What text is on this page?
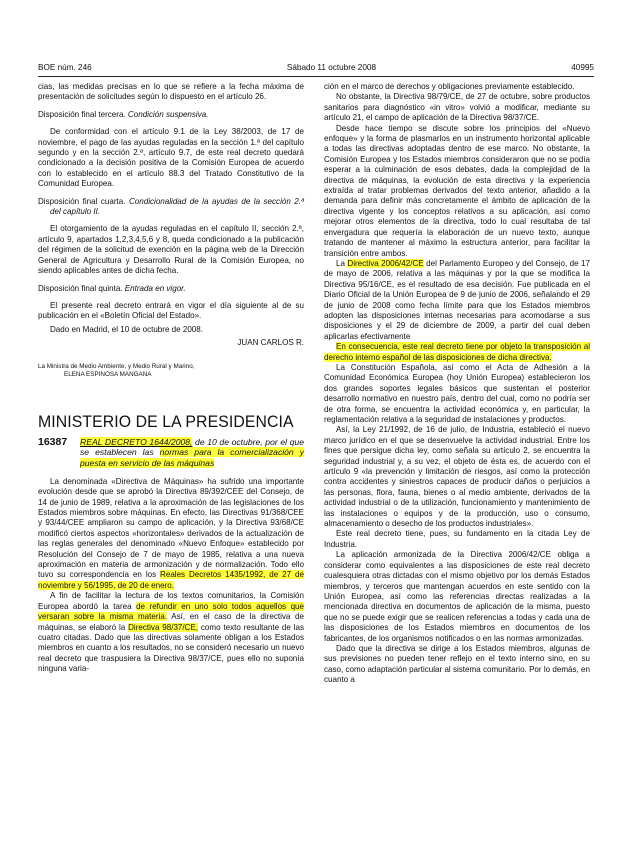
BOE núm. 246	Sábado 11 octubre 2008	40995

cias, las medidas precisas en lo que se refiere a la fecha máxima de presentación de solicitudes según lo dispuesto en el artículo 26.

Disposición final tercera. Condición suspensiva.

De conformidad con el artículo 9.1 de la Ley 38/2003, de 17 de noviembre, el pago de las ayudas reguladas en la sección 1.ª del capítulo segundo y en la sección 2.ª, artículo 9.7, de este real decreto quedará condicionado a la decisión positiva de la Comisión Europea de acuerdo con lo establecido en el artículo 88.3 del Tratado Constitutivo de la Comunidad Europea.

Disposición final cuarta. Condicionalidad de la ayudas de la sección 2.ª del capítulo II.

El otorgamiento de la ayudas reguladas en el capítulo II, sección 2.ª, artículo 9, apartados 1,2,3,4,5,6 y 8, queda condicionado a la publicación del régimen de la solicitud de exención en la página web de la Dirección General de Agricultura y Desarrollo Rural de la Comisión Europea, no siendo aplicables antes de dicha fecha.

Disposición final quinta. Entrada en vigor.

El presente real decreto entrará en vigor el día siguiente al de su publicación en el «Boletín Oficial del Estado».

Dado en Madrid, el 10 de octubre de 2008.

JUAN CARLOS R.

La Ministra de Medio Ambiente, y Medio Rural y Marino,
ELENA ESPINOSA MANGANA
MINISTERIO DE LA PRESIDENCIA
16387	REAL DECRETO 1644/2008, de 10 de octubre, por el que se establecen las normas para la comercialización y puesta en servicio de las máquinas

La denominada «Directiva de Máquinas» ha sufrido una importante evolución desde que se aprobó la Directiva 89/392/CEE del Consejo, de 14 de junio de 1989, relativa a la aproximación de las legislaciones de los Estados miembros sobre máquinas. En efecto, las Directivas 91/368/CEE y 93/44/CEE ampliaron su campo de aplicación, y la Directiva 93/68/CE modificó ciertos aspectos «horizontales» derivados de la actualización de las reglas generales del denominado «Nuevo Enfoque» establecido por Resolución del Consejo de 7 de mayo de 1985, relativa a una nueva aproximación en materia de armonización y de normalización. Todo ello tuvo su correspondencia en los Reales Decretos 1435/1992, de 27 de noviembre y 56/1995, de 20 de enero.

A fin de facilitar la lectura de los textos comunitarios, la Comisión Europea abordó la tarea de refundir en uno solo todos aquellos que versaran sobre la misma materia. Así, en el caso de la directiva de máquinas, se elaboró la Directiva 98/37/CE, como texto resultante de las cuatro citadas. Dado que las directivas solamente obligan a los Estados miembros en cuanto a los resultados, no se consideró necesario un nuevo real decreto que traspusiera la Directiva 98/37/CE, pues ello no suponía ninguna varia-

ción en el marco de derechos y obligaciones previamente establecido.

No obstante, la Directiva 98/79/CE, de 27 de octubre, sobre productos sanitarios para diagnóstico «in vitro» volvió a modificar, mediante su artículo 21, el campo de aplicación de la Directiva 98/37/CE.

Desde hace tiempo se discute sobre los principios del «Nuevo enfoque» y la forma de plasmarlos en un instrumento horizontal aplicable a todas las directivas adoptadas dentro de ese marco. No obstante, la Comisión Europea y los Estados miembros consideraron que no se podía esperar a la culminación de esos debates, dada la complejidad de la directiva de máquinas, la evolución de esta directiva y la experiencia extraída al tratar problemas derivados del texto anterior, añadido a la demanda para definir más concretamente el ámbito de aplicación de la directiva vigente y los conceptos relativos a su aplicación, así como mejorar otros elementos de la directiva, todo lo cual resultaba de tal envergadura que requería la elaboración de un nuevo texto, aunque tratando de mantener al máximo la estructura anterior, para facilitar la transición entre ambos.

La Directiva 2006/42/CE del Parlamento Europeo y del Consejo, de 17 de mayo de 2006, relativa a las máquinas y por la que se modifica la Directiva 95/16/CE, es el resultado de esa decisión. Fue publicada en el Diario Oficial de la Unión Europea de 9 de junio de 2006, señalando el 29 de junio de 2008 como fecha límite para que los Estados miembros adopten las disposiciones internas necesarias para acomodarse a sus disposiciones y el 29 de diciembre de 2009, a partir del cual deben aplicarlas efectivamente

En consecuencia, este real decreto tiene por objeto la transposición al derecho interno español de las disposiciones de dicha directiva.

La Constitución Española, así como el Acta de Adhesión a la Comunidad Económica Europea (hoy Unión Europea) establecieron los dos grandes soportes legales básicos que sustentan el posterior desarrollo normativo en nuestro país, dentro del cual, como no podría ser de otra forma, se encuentra la actividad económica y, en particular, la reglamentación relativa a la seguridad de instalaciones y productos.

Así, la Ley 21/1992, de 16 de julio, de Industria, estableció el nuevo marco jurídico en el que se desenvuelve la actividad industrial. Entre los fines que persigue dicha ley, como señala su artículo 2, se encuentra la seguridad industrial y, a su vez, el objeto de ésta es, de acuerdo con el artículo 9 «la prevención y limitación de riesgos, así como la protección contra accidentes y siniestros capaces de producir daños o perjuicios a las personas, flora, fauna, bienes o al medio ambiente, derivados de la actividad industrial o de la utilización, funcionamiento y mantenimiento de las instalaciones o equipos y de la producción, uso o consumo, almacenamiento o desecho de los productos industriales».

Este real decreto tiene, pues, su fundamento en la citada Ley de Industria.

La aplicación armonizada de la Directiva 2006/42/CE obliga a considerar como equivalentes a las disposiciones de este real decreto cualesquiera otras dictadas con el mismo objetivo por los demás Estados miembros, y terceros que mantengan acuerdos en este sentido con la Unión Europea, así como las referencias directas realizadas a la mencionada directiva en documentos de aplicación de la misma, puesto que no se puede exigir que se realicen referencias a todas y cada una de las disposiciones de los Estados miembros en documentos de los fabricantes, de los organismos notificados o en las normas armonizadas.

Dado que la directiva se dirige a los Estados miembros, algunas de sus previsiones no pueden tener reflejo en el texto interno sino, en su caso, como adaptación particular al sistema comunitario. Por lo demás, en cuanto a
